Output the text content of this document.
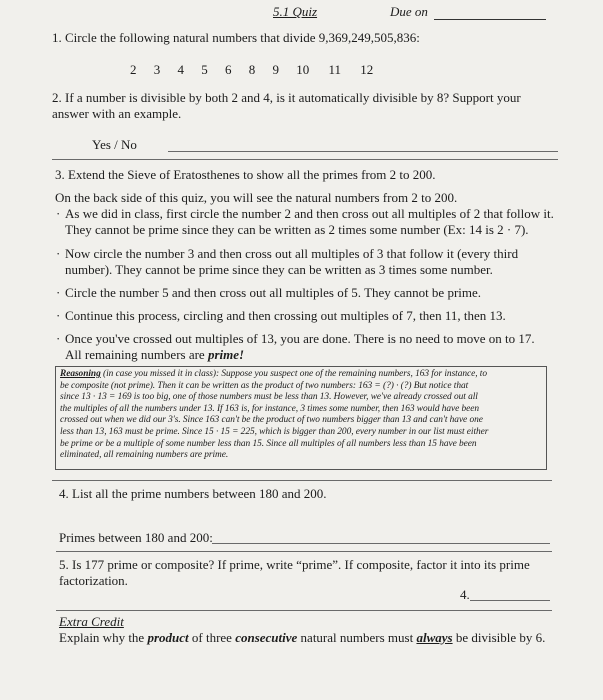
5.1 Quiz	Due on
1. Circle the following natural numbers that divide 9,369,249,505,836:
2 3 4 5 6 8 9 10 11 12
2. If a number is divisible by both 2 and 4, is it automatically divisible by 8? Support your
answer with an example.
Yes / No
3. Extend the Sieve of Eratosthenes to show all the primes from 2 to 200.
On the back side of this quiz, you will see the natural numbers from 2 to 200.
· As we did in class, first circle the number 2 and then cross out all multiples of 2 that follow it.
They cannot be prime since they can be written as 2 times some number (Ex: 14 is 2 · 7).
· Now circle the number 3 and then cross out all multiples of 3 that follow it (every third
number). They cannot be prime since they can be written as 3 times some number.
· Circle the number 5 and then cross out all multiples of 5. They cannot be prime.
· Continue this process, circling and then crossing out multiples of 7, then 11, then 13.
· Once you've crossed out multiples of 13, you are done. There is no need to move on to 17.
All remaining numbers are prime!
Reasoning (in case you missed it in class): Suppose you suspect one of the remaining numbers, 163 for instance, to
be composite (not prime). Then it can be written as the product of two numbers: 163 = (?) · (?) But notice that
since 13 · 13 = 169 is too big, one of those numbers must be less than 13. However, we've already crossed out all
the multiples of all the numbers under 13. If 163 is, for instance, 3 times some number, then 163 would have been
crossed out when we did our 3's. Since 163 can't be the product of two numbers bigger than 13 and can't have one
less than 13, 163 must be prime. Since 15 · 15 = 225, which is bigger than 200, every number in our list must either
be prime or be a multiple of some number less than 15. Since all multiples of all numbers less than 15 have been
eliminated, all remaining numbers are prime.
4. List all the prime numbers between 180 and 200.
Primes between 180 and 200:
5. Is 177 prime or composite? If prime, write “prime”. If composite, factor it into its prime
factorization.
4.
Extra Credit
Explain why the product of three consecutive natural numbers must always be divisible by 6.
